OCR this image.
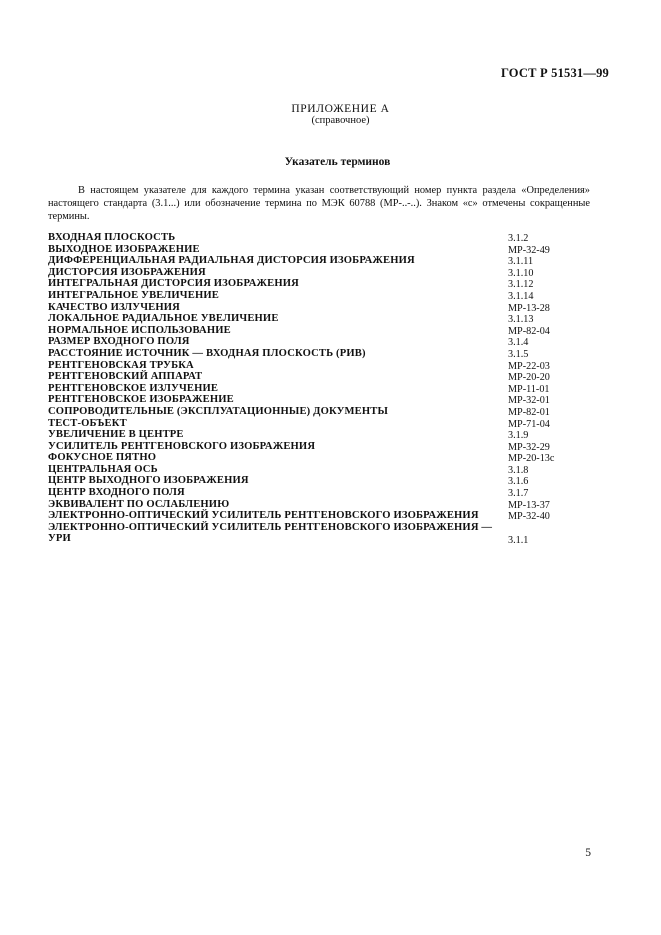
ГОСТ Р 51531—99
ПРИЛОЖЕНИЕ А
(справочное)
Указатель терминов

В настоящем указателе для каждого термина указан соответствующий номер пункта раздела «Определения» настоящего стандарта (3.1...) или обозначение термина по МЭК 60788 (МР-..-..). Знаком «с» отмечены сокращенные термины.

ВХОДНАЯ ПЛОСКОСТЬ	3.1.2
ВЫХОДНОЕ ИЗОБРАЖЕНИЕ	МР-32-49
ДИФФЕРЕНЦИАЛЬНАЯ РАДИАЛЬНАЯ ДИСТОРСИЯ ИЗОБРАЖЕНИЯ	3.1.11
ДИСТОРСИЯ ИЗОБРАЖЕНИЯ	3.1.10
ИНТЕГРАЛЬНАЯ ДИСТОРСИЯ ИЗОБРАЖЕНИЯ	3.1.12
ИНТЕГРАЛЬНОЕ УВЕЛИЧЕНИЕ	3.1.14
КАЧЕСТВО ИЗЛУЧЕНИЯ	МР-13-28
ЛОКАЛЬНОЕ РАДИАЛЬНОЕ УВЕЛИЧЕНИЕ	3.1.13
НОРМАЛЬНОЕ ИСПОЛЬЗОВАНИЕ	МР-82-04
РАЗМЕР ВХОДНОГО ПОЛЯ	3.1.4
РАССТОЯНИЕ ИСТОЧНИК — ВХОДНАЯ ПЛОСКОСТЬ (РИВ)	3.1.5
РЕНТГЕНОВСКАЯ ТРУБКА	МР-22-03
РЕНТГЕНОВСКИЙ АППАРАТ	МР-20-20
РЕНТГЕНОВСКОЕ ИЗЛУЧЕНИЕ	МР-11-01
РЕНТГЕНОВСКОЕ ИЗОБРАЖЕНИЕ	МР-32-01
СОПРОВОДИТЕЛЬНЫЕ (ЭКСПЛУАТАЦИОННЫЕ) ДОКУМЕНТЫ	МР-82-01
ТЕСТ-ОБЪЕКТ	МР-71-04
УВЕЛИЧЕНИЕ В ЦЕНТРЕ	3.1.9
УСИЛИТЕЛЬ РЕНТГЕНОВСКОГО ИЗОБРАЖЕНИЯ	МР-32-29
ФОКУСНОЕ ПЯТНО	МР-20-13с
ЦЕНТРАЛЬНАЯ ОСЬ	3.1.8
ЦЕНТР ВЫХОДНОГО ИЗОБРАЖЕНИЯ	3.1.6
ЦЕНТР ВХОДНОГО ПОЛЯ	3.1.7
ЭКВИВАЛЕНТ ПО ОСЛАБЛЕНИЮ	МР-13-37
ЭЛЕКТРОННО-ОПТИЧЕСКИЙ УСИЛИТЕЛЬ РЕНТГЕНОВСКОГО ИЗОБРАЖЕНИЯ	МР-32-40
ЭЛЕКТРОННО-ОПТИЧЕСКИЙ УСИЛИТЕЛЬ РЕНТГЕНОВСКОГО ИЗОБРАЖЕНИЯ — УРИ	3.1.1
5
